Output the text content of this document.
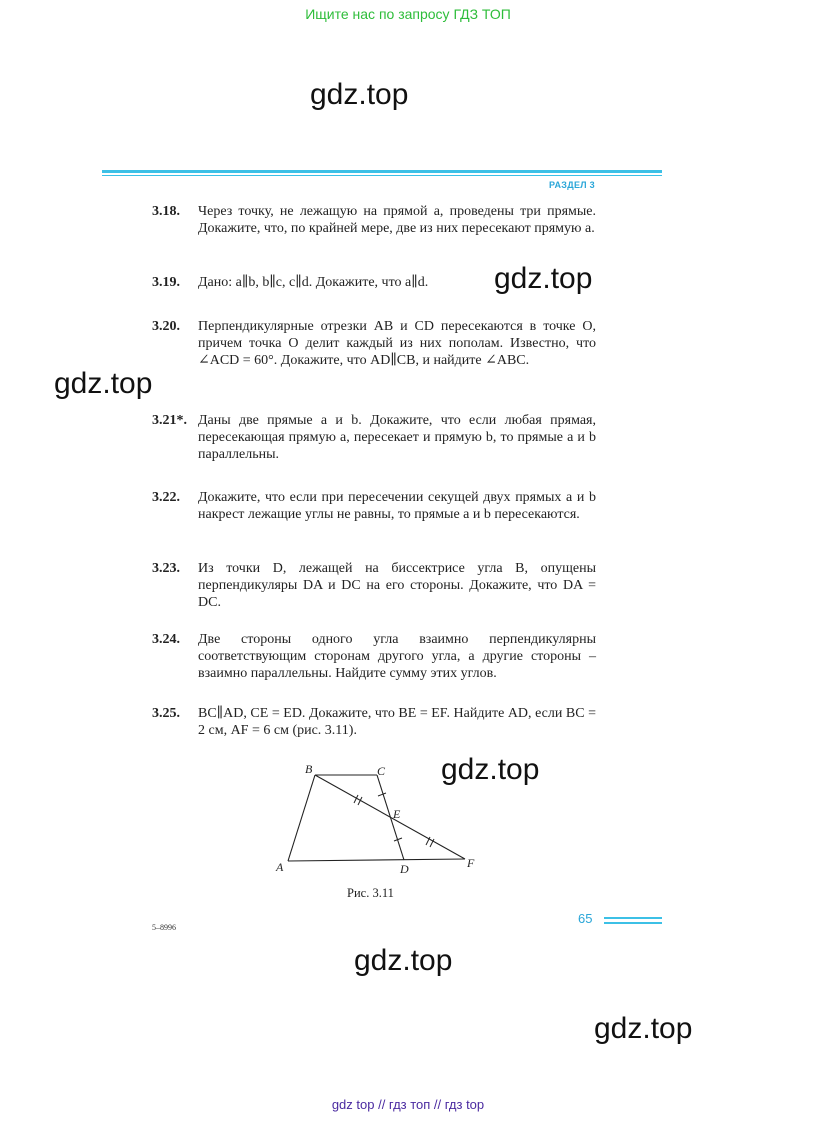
Ищите нас по запросу ГДЗ ТОП
gdz.top
РАЗДЕЛ 3
3.18. Через точку, не лежащую на прямой a, проведены три прямые. Докажите, что, по крайней мере, две из них пересекают прямую a.
3.19. Дано: a∥b, b∥c, c∥d. Докажите, что a∥d.	gdz.top
3.20. Перпендикулярные отрезки AB и CD пересекаются в точке O, причем точка O делит каждый из них пополам. Известно, что ∠ACD = 60°. Докажите, что AD∥CB, и найдите ∠ABC.
gdz.top
3.21*. Даны две прямые a и b. Докажите, что если любая прямая, пересекающая прямую a, пересекает и прямую b, то прямые a и b параллельны.
3.22. Докажите, что если при пересечении секущей двух прямых a и b накрест лежащие углы не равны, то прямые a и b пересекаются.
3.23. Из точки D, лежащей на биссектрисе угла B, опущены перпендикуляры DA и DC на его стороны. Докажите, что DA = DC.
3.24. Две стороны одного угла взаимно перпендикулярны соответствующим сторонам другого угла, а другие стороны – взаимно параллельны. Найдите сумму этих углов.
3.25. BC∥AD, CE = ED. Докажите, что BE = EF. Найдите AD, если BC = 2 см, AF = 6 см (рис. 3.11).
B	C
E
A	D	F
gdz.top
Рис. 3.11
65
5–8996
gdz.top
gdz.top
gdz top // гдз топ // гдз top
